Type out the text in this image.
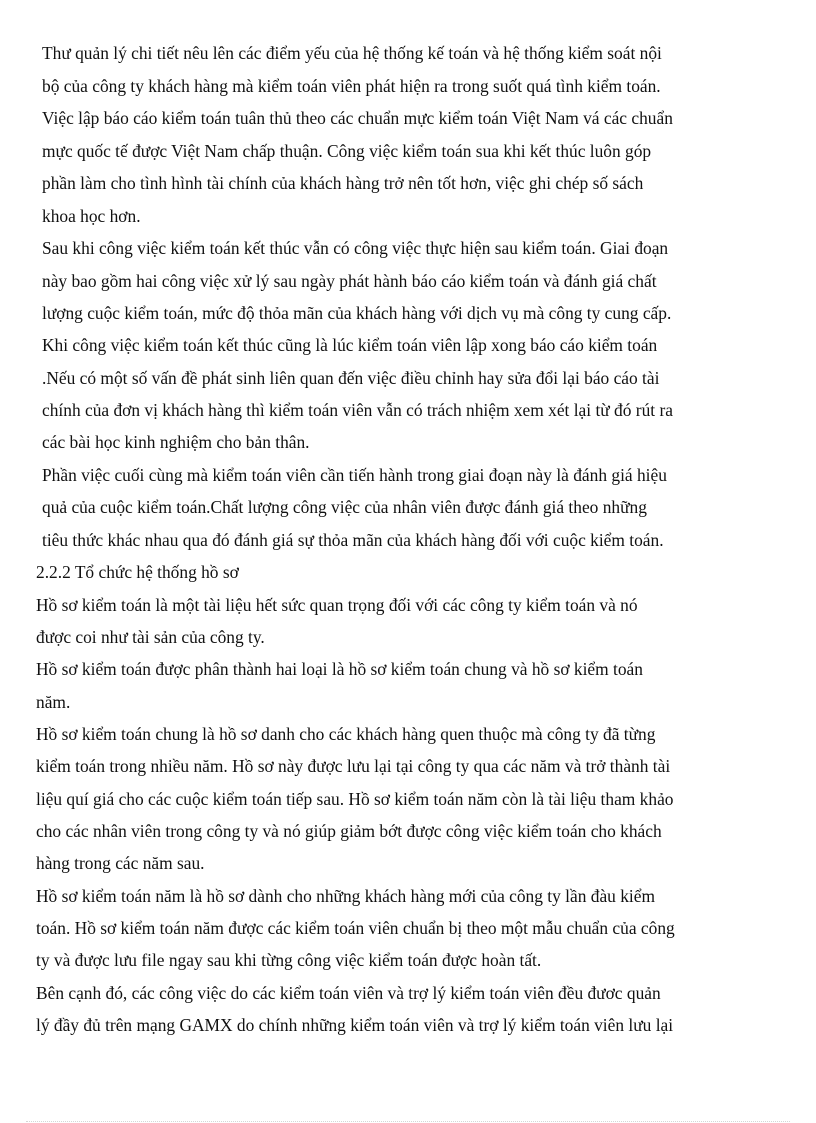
Thư quản lý chi tiết nêu lên các điểm yếu của hệ thống kế toán và hệ thống kiểm soát nội

bộ của công ty khách hàng mà kiểm toán viên phát hiện ra trong suốt quá tình kiểm toán.

Việc lập báo cáo kiểm toán tuân thủ theo các chuẩn mực kiểm toán Việt Nam vá các chuẩn

mực quốc tế được Việt Nam chấp thuận. Công việc kiểm toán sua khi kết thúc luôn góp

phần làm cho tình hình tài chính của khách hàng trở nên tốt hơn, việc ghi chép số sách

khoa học hơn.

Sau khi công việc kiểm toán kết thúc vẫn có công việc thực hiện sau kiểm toán. Giai đoạn

này bao gồm hai công việc xử lý sau ngày phát hành báo cáo kiểm toán và đánh giá chất

lượng cuộc kiểm toán, mức độ thỏa mãn của khách hàng với dịch vụ mà công ty cung cấp.

Khi công việc kiểm toán kết thúc cũng là lúc kiểm toán viên lập xong báo cáo kiểm toán

.Nếu có một số vấn đề phát sinh liên quan đến việc điều chỉnh hay sửa đổi lại báo cáo tài

chính của đơn vị khách hàng thì kiểm toán viên vẫn có trách nhiệm xem xét lại từ đó rút ra

các bài học kinh nghiệm cho bản thân.

Phần việc cuối cùng mà kiểm toán viên cần tiến hành trong giai đoạn này là đánh giá hiệu

quả của cuộc kiểm toán.Chất lượng công việc của nhân viên được đánh giá theo những

tiêu thức khác nhau qua đó đánh giá sự thỏa mãn của khách hàng đối với cuộc kiểm toán.

2.2.2 Tổ chức hệ thống hồ sơ

Hồ sơ kiểm toán là một tài liệu hết sức quan trọng đối với các công ty kiểm toán và nó

được coi như tài sản của công ty.

Hồ sơ kiểm toán được phân thành hai loại là hồ sơ kiểm toán chung và hồ sơ kiểm toán

năm.

Hồ sơ kiểm toán chung là hồ sơ danh cho các khách hàng quen thuộc mà công ty đã từng

kiểm toán trong nhiều năm. Hồ sơ này được lưu lại tại công ty qua các năm và trở thành tài

liệu quí giá cho các cuộc kiểm toán tiếp sau. Hồ sơ kiểm toán năm còn là tài liệu tham khảo

cho các nhân viên trong công ty và nó giúp giảm bớt được công việc kiểm toán cho khách

hàng trong các năm sau.

Hồ sơ kiểm toán năm là hồ sơ dành cho những khách hàng mới của công ty lần đàu kiểm

toán. Hồ sơ kiểm toán năm được các kiểm toán viên chuẩn bị theo một mẫu chuẩn của công

ty và được lưu file ngay sau khi từng công việc kiểm toán được hoàn tất.

Bên cạnh đó, các công việc do các kiểm toán viên và trợ lý kiểm toán viên đều đươc quản

lý đầy đủ trên mạng GAMX do chính những kiểm toán viên và trợ lý kiểm toán viên lưu lại
